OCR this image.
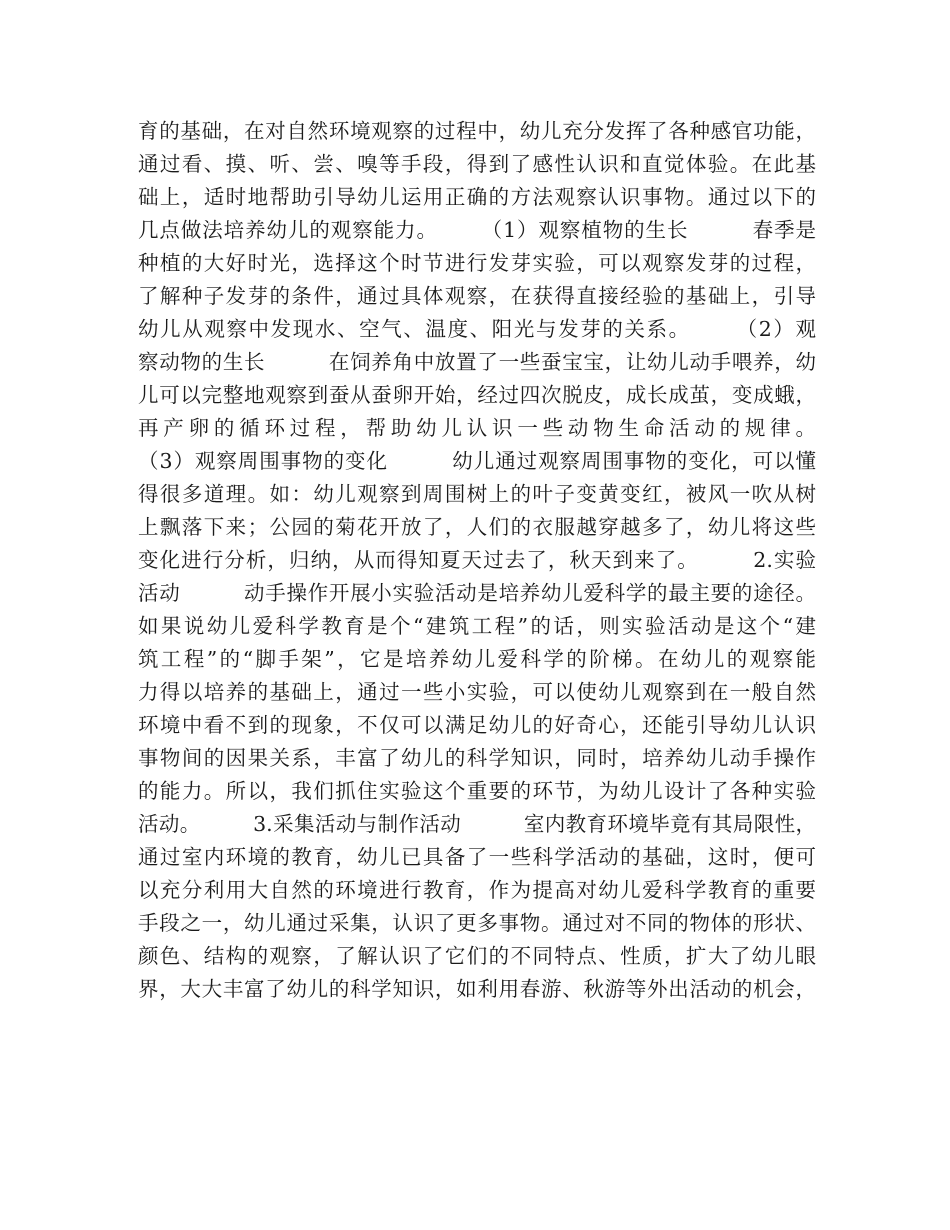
育的基础，在对自然环境观察的过程中，幼儿充分发挥了各种感官功能，
通过看、摸、听、尝、嗅等手段，得到了感性认识和直觉体验。在此基
础上，适时地帮助引导幼儿运用正确的方法观察认识事物。通过以下的
几点做法培养幼儿的观察能力。　　　（1）观察植物的生长　　　春季是
种植的大好时光，选择这个时节进行发芽实验，可以观察发芽的过程，
了解种子发芽的条件，通过具体观察，在获得直接经验的基础上，引导
幼儿从观察中发现水、空气、温度、阳光与发芽的关系。　　　（2）观
察动物的生长　　　在饲养角中放置了一些蚕宝宝，让幼儿动手喂养，幼
儿可以完整地观察到蚕从蚕卵开始，经过四次脱皮，成长成茧，变成蛾，
再产卵的循环过程，帮助幼儿认识一些动物生命活动的规律。
（3）观察周围事物的变化　　　幼儿通过观察周围事物的变化，可以懂
得很多道理。如：幼儿观察到周围树上的叶子变黄变红，被风一吹从树
上飘落下来；公园的菊花开放了，人们的衣服越穿越多了，幼儿将这些
变化进行分析，归纳，从而得知夏天过去了，秋天到来了。　　　2.实验
活动　　　动手操作开展小实验活动是培养幼儿爱科学的最主要的途径。
如果说幼儿爱科学教育是个“建筑工程”的话，则实验活动是这个“建
筑工程”的“脚手架”，它是培养幼儿爱科学的阶梯。在幼儿的观察能
力得以培养的基础上，通过一些小实验，可以使幼儿观察到在一般自然
环境中看不到的现象，不仅可以满足幼儿的好奇心，还能引导幼儿认识
事物间的因果关系，丰富了幼儿的科学知识，同时，培养幼儿动手操作
的能力。所以，我们抓住实验这个重要的环节，为幼儿设计了各种实验
活动。　　　3.采集活动与制作活动　　　室内教育环境毕竟有其局限性，
通过室内环境的教育，幼儿已具备了一些科学活动的基础，这时，便可
以充分利用大自然的环境进行教育，作为提高对幼儿爱科学教育的重要
手段之一，幼儿通过采集，认识了更多事物。通过对不同的物体的形状、
颜色、结构的观察，了解认识了它们的不同特点、性质，扩大了幼儿眼
界，大大丰富了幼儿的科学知识，如利用春游、秋游等外出活动的机会，
